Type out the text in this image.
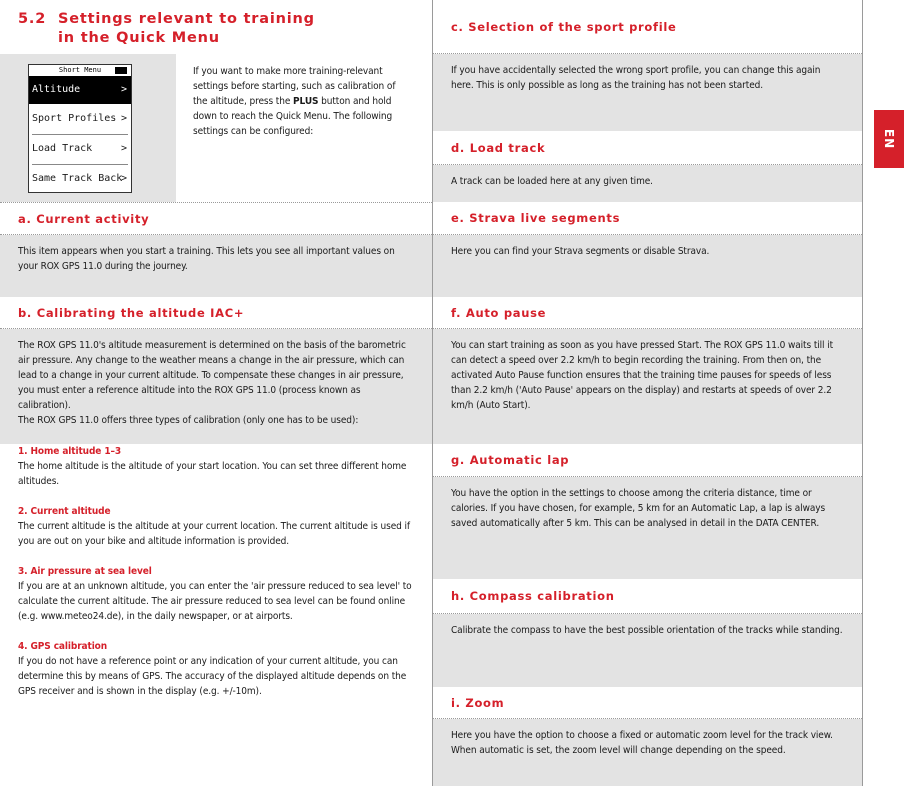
5.2 Settings relevant to training
in the Quick Menu
Short Menu
Altitude	>
Sport Profiles >
Load Track	>
Same Track Back
>
If you want to make more training-relevant settings before starting, such as calibration of the altitude, press the PLUS button and hold down to reach the Quick Menu. The following settings can be configured:
a. Current activity
This item appears when you start a training. This lets you see all important values on your ROX GPS 11.0 during the journey.
b. Calibrating the altitude IAC+
The ROX GPS 11.0's altitude measurement is determined on the basis of the barometric air pressure. Any change to the weather means a change in the air pressure, which can lead to a change in your current altitude. To compensate these changes in air pressure, you must enter a reference altitude into the ROX GPS 11.0 (process known as calibration).
The ROX GPS 11.0 offers three types of calibration (only one has to be used):
1. Home altitude 1–3
The home altitude is the altitude of your start location. You can set three different home altitudes.
2. Current altitude
The current altitude is the altitude at your current location. The current altitude is used if you are out on your bike and altitude information is provided.
3. Air pressure at sea level
If you are at an unknown altitude, you can enter the 'air pressure reduced to sea level' to calculate the current altitude. The air pressure reduced to sea level can be found online (e.g. www.meteo24.de), in the daily newspaper, or at airports.
4. GPS calibration
If you do not have a reference point or any indication of your current altitude, you can determine this by means of GPS. The accuracy of the displayed altitude depends on the GPS receiver and is shown in the display (e.g. +/-10m).
c. Selection of the sport profile
If you have accidentally selected the wrong sport profile, you can change this again here. This is only possible as long as the training has not been started.
d. Load track
A track can be loaded here at any given time.
e. Strava live segments
Here you can find your Strava segments or disable Strava.
f. Auto pause
You can start training as soon as you have pressed Start. The ROX GPS 11.0 waits till it can detect a speed over 2.2 km/h to begin recording the training. From then on, the activated Auto Pause function ensures that the training time pauses for speeds of less than 2.2 km/h ('Auto Pause' appears on the display) and restarts at speeds of over 2.2 km/h (Auto Start).
g. Automatic lap
You have the option in the settings to choose among the criteria distance, time or calories. If you have chosen, for example, 5 km for an Automatic Lap, a lap is always saved automatically after 5 km. This can be analysed in detail in the DATA CENTER.
h. Compass calibration
Calibrate the compass to have the best possible orientation of the tracks while standing.
i. Zoom
Here you have the option to choose a fixed or automatic zoom level for the track view. When automatic is set, the zoom level will change depending on the speed.
EN
